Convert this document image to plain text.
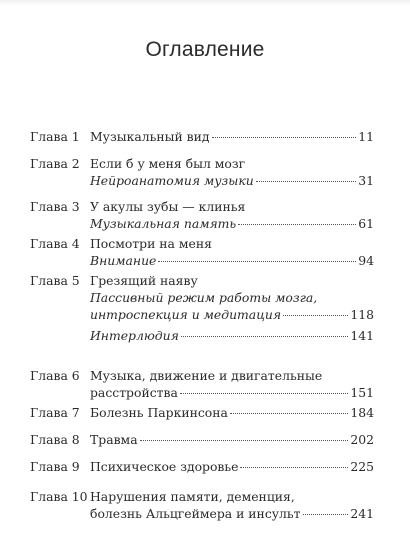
Оглавление
Глава 1 Музыкальный вид	11
Глава 2 Если б у меня был мозг
Нейроанатомия музыки	31
Глава 3 У акулы зубы — клинья
Музыкальная память	61
Глава 4 Посмотри на меня
Внимание	94
Глава 5 Грезящий наяву
Пассивный режим работы мозга,
интроспекция и медитация	118
Интерлюдия	141
Глава 6 Музыка, движение и двигательные
расстройства	151
Глава 7 Болезнь Паркинсона	184
Глава 8 Травма	202
Глава 9 Психическое здоровье	225
Глава 10 Нарушения памяти, деменция,
болезнь Альцгеймера и инсульт	241
